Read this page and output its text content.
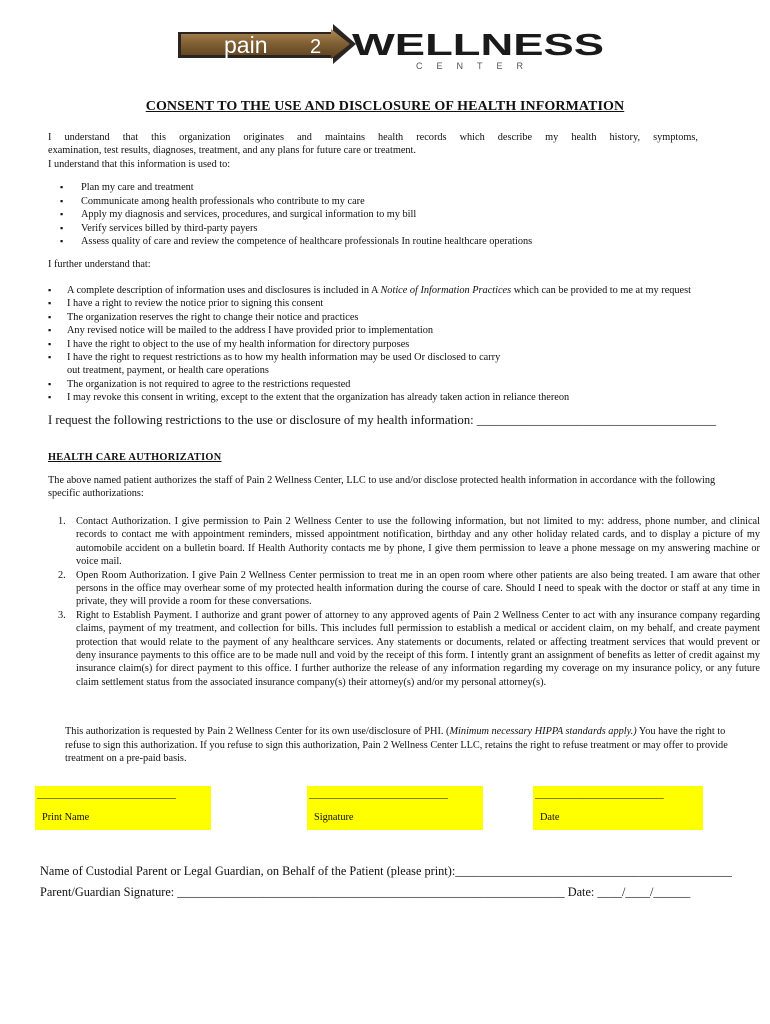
pain 2 WELLNESS
CENTER
CONSENT TO THE USE AND DISCLOSURE OF HEALTH INFORMATION
I understand that this organization originates and maintains health records which describe my health history, symptoms,
examination, test results, diagnoses, treatment, and any plans for future care or treatment.
I understand that this information is used to:
▪ Plan my care and treatment
▪ Communicate among health professionals who contribute to my care
▪ Apply my diagnosis and services, procedures, and surgical information to my bill
▪ Verify services billed by third-party payers
▪ Assess quality of care and review the competence of healthcare professionals In routine healthcare operations
I further understand that:
▪ A complete description of information uses and disclosures is included in A Notice of Information Practices which can be provided to me at my request
▪ I have a right to review the notice prior to signing this consent
▪ The organization reserves the right to change their notice and practices
▪ Any revised notice will be mailed to the address I have provided prior to implementation
▪ I have the right to object to the use of my health information for directory purposes
▪ I have the right to request restrictions as to how my health information may be used Or disclosed to carry
out treatment, payment, or health care operations
▪ The organization is not required to agree to the restrictions requested
▪ I may revoke this consent in writing, except to the extent that the organization has already taken action in reliance thereon
I request the following restrictions to the use or disclosure of my health information: ______________________________________
HEALTH CARE AUTHORIZATION
The above named patient authorizes the staff of Pain 2 Wellness Center, LLC to use and/or disclose protected health information in accordance with the following specific authorizations:
1. Contact Authorization. I give permission to Pain 2 Wellness Center to use the following information, but not limited to my: address, phone number, and clinical records to contact me with appointment reminders, missed appointment notification, birthday and any other holiday related cards, and to display a picture of my automobile accident on a bulletin board. If Health Authority contacts me by phone, I give them permission to leave a phone message on my answering machine or voice mail.
2. Open Room Authorization. I give Pain 2 Wellness Center permission to treat me in an open room where other patients are also being treated. I am aware that other persons in the office may overhear some of my protected health information during the course of care. Should I need to speak with the doctor or staff at any time in private, they will provide a room for these conversations.
3. Right to Establish Payment. I authorize and grant power of attorney to any approved agents of Pain 2 Wellness Center to act with any insurance company regarding claims, payment of my treatment, and collection for bills. This includes full permission to establish a medical or accident claim, on my behalf, and create payment protection that would relate to the payment of any healthcare services. Any statements or documents, related or affecting treatment services that would prevent or deny insurance payments to this office are to be made null and void by the receipt of this form. I intently grant an assignment of benefits as letter of credit against my insurance claim(s) for direct payment to this office. I further authorize the release of any information regarding my coverage on my insurance policy, or any future claim settlement status from the associated insurance company(s) their attorney(s) and/or my personal attorney(s).
This authorization is requested by Pain 2 Wellness Center for its own use/disclosure of PHI. (Minimum necessary HIPPA standards apply.) You have the right to refuse to sign this authorization. If you refuse to sign this authorization, Pain 2 Wellness Center LLC, retains the right to refuse treatment or may offer to provide treatment on a pre-paid basis.
___________________________
Print Name
___________________________
Signature
_________________________
Date
Name of Custodial Parent or Legal Guardian, on Behalf of the Patient (please print):_____________________________________________
Parent/Guardian Signature: _______________________________________________________________ Date: ____/____/______
